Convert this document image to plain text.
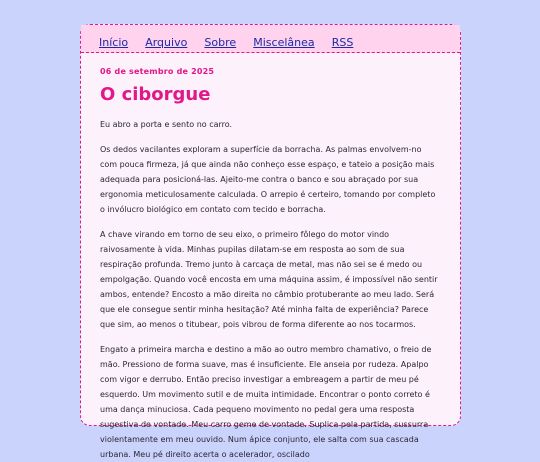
Início Arquivo Sobre Miscelânea RSS
06 de setembro de 2025
O ciborgue

Eu abro a porta e sento no carro.

Os dedos vacilantes exploram a superfície da borracha. As palmas envolvem-no com pouca firmeza, já que ainda não conheço esse espaço, e tateio a posição mais adequada para posicioná-las. Ajeito-me contra o banco e sou abraçado por sua ergonomia meticulosamente calculada. O arrepio é certeiro, tomando por completo o invólucro biológico em contato com tecido e borracha.

A chave virando em torno de seu eixo, o primeiro fôlego do motor vindo raivosamente à vida. Minhas pupilas dilatam-se em resposta ao som de sua respiração profunda. Tremo junto à carcaça de metal, mas não sei se é medo ou empolgação. Quando você encosta em uma máquina assim, é impossível não sentir ambos, entende? Encosto a mão direita no câmbio protuberante ao meu lado. Será que ele consegue sentir minha hesitação? Até minha falta de experiência? Parece que sim, ao menos o titubear, pois vibrou de forma diferente ao nos tocarmos.

Engato a primeira marcha e destino a mão ao outro membro chamativo, o freio de mão. Pressiono de forma suave, mas é insuficiente. Ele anseia por rudeza. Apalpo com vigor e derrubo. Então preciso investigar a embreagem a partir de meu pé esquerdo. Um movimento sutil e de muita intimidade. Encontrar o ponto correto é uma dança minuciosa. Cada pequeno movimento no pedal gera uma resposta sugestiva de vontade. Meu carro geme de vontade. Suplica pela partida, sussurra violentamente em meu ouvido. Num ápice conjunto, ele salta com sua cascada urbana. Meu pé direito acerta o acelerador, oscilado
